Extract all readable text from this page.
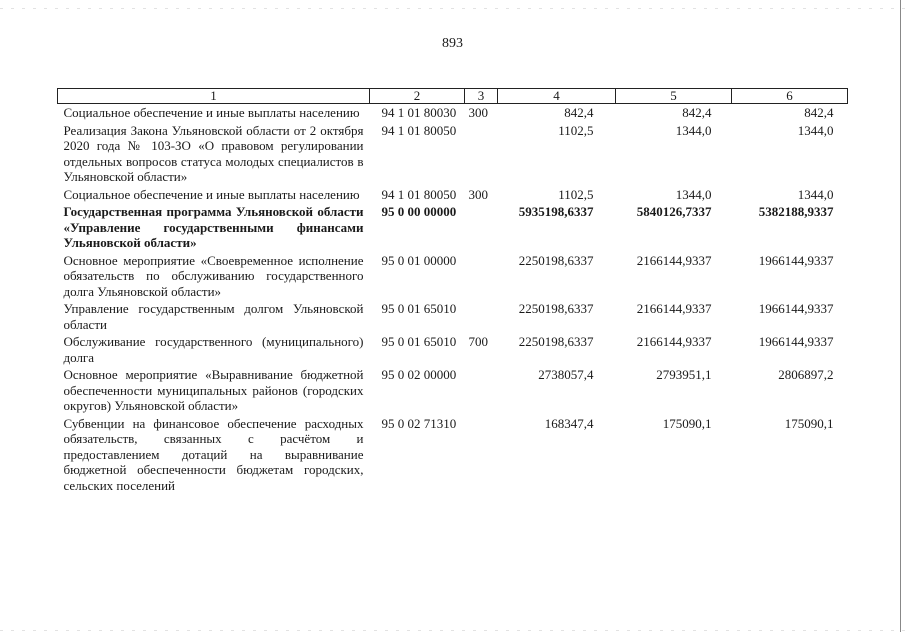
893
1	2	3	4	5	6
Социальное обеспечение и иные выплаты населению	94 1 01 80030	300	842,4	842,4	842,4
Реализация Закона Ульяновской области от 2 октября 2020 года № 103-ЗО «О правовом регулировании отдельных вопросов статуса молодых специалистов в Ульяновской области»	94 1 01 80050		1102,5	1344,0	1344,0
Социальное обеспечение и иные выплаты населению	94 1 01 80050	300	1102,5	1344,0	1344,0
Государственная программа Ульяновской области «Управление государственными финансами Ульяновской области»	95 0 00 00000		5935198,6337	5840126,7337	5382188,9337
Основное мероприятие «Своевременное исполнение обязательств по обслуживанию государственного долга Ульяновской области»	95 0 01 00000		2250198,6337	2166144,9337	1966144,9337
Управление государственным долгом Ульяновской области	95 0 01 65010		2250198,6337	2166144,9337	1966144,9337
Обслуживание государственного (муниципального) долга	95 0 01 65010	700	2250198,6337	2166144,9337	1966144,9337
Основное мероприятие «Выравнивание бюджетной обеспеченности муниципальных районов (городских округов) Ульяновской области»	95 0 02 00000		2738057,4	2793951,1	2806897,2
Субвенции на финансовое обеспечение расходных обязательств, связанных с расчётом и предоставлением дотаций на выравнивание бюджетной обеспеченности бюджетам городских, сельских поселений	95 0 02 71310		168347,4	175090,1	175090,1
